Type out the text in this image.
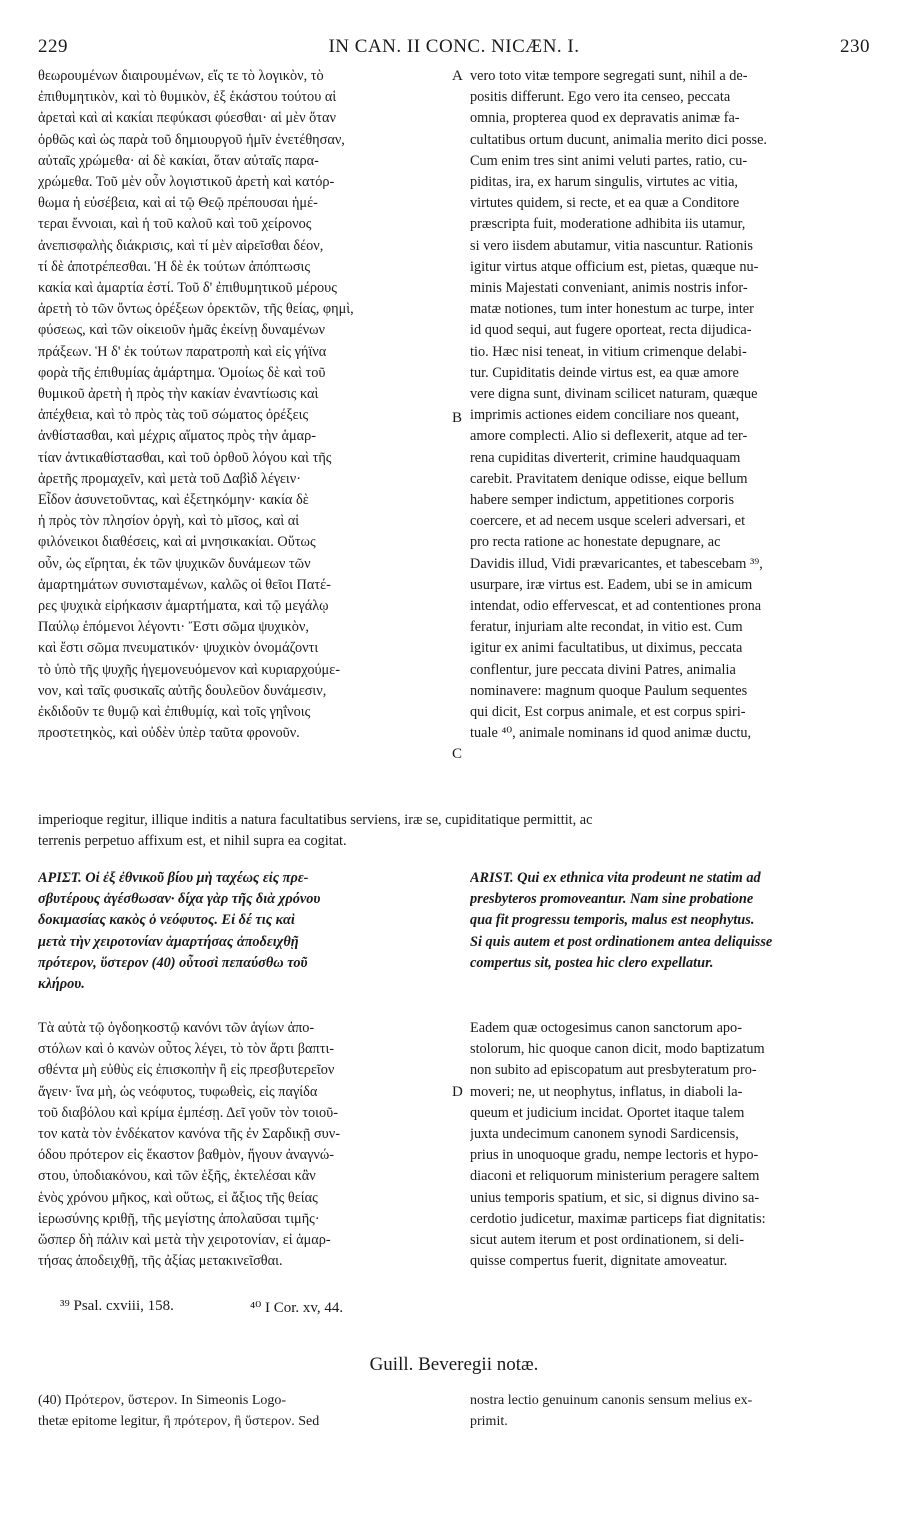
229	IN CAN. II CONC. NICÆN. I.	230
θεωρουμένων διαιρουμένων, εἴς τε τὸ λογικὸν, τὸ
ἐπιθυμητικὸν, καὶ τὸ θυμικὸν, ἐξ ἑκάστου τούτου αἱ
ἀρεταὶ καὶ αἱ κακίαι πεφύκασι φύεσθαι· αἱ μὲν ὅταν
ὀρθῶς καὶ ὡς παρὰ τοῦ δημιουργοῦ ἡμῖν ἐνετέθησαν,
αὐταῖς χρώμεθα· αἱ δὲ κακίαι, ὅταν αὐταῖς παρα-
χρώμεθα. Τοῦ μὲν οὖν λογιστικοῦ ἀρετὴ καὶ κατόρ-
θωμα ἡ εὐσέβεια, καὶ αἱ τῷ Θεῷ πρέπουσαι ἡμέ-
τεραι ἔννοιαι, καὶ ἡ τοῦ καλοῦ καὶ τοῦ χείρονος
ἀνεπισφαλὴς διάκρισις, καὶ τί μὲν αἱρεῖσθαι δέον,
τί δὲ ἀποτρέπεσθαι. Ἡ δὲ ἐκ τούτων ἀπόπτωσις
κακία καὶ ἁμαρτία ἐστί. Τοῦ δ' ἐπιθυμητικοῦ μέρους
ἀρετὴ τὸ τῶν ὄντως ὀρέξεων ὀρεκτῶν, τῆς θείας, φημὶ,
φύσεως, καὶ τῶν οἰκειοῦν ἡμᾶς ἐκείνῃ δυναμένων
πράξεων. Ἡ δ' ἐκ τούτων παρατροπὴ καὶ εἰς γήϊνα
φορὰ τῆς ἐπιθυμίας ἁμάρτημα. Ὁμοίως δὲ καὶ τοῦ
θυμικοῦ ἀρετὴ ἡ πρὸς τὴν κακίαν ἐναντίωσις καὶ
ἀπέχθεια, καὶ τὸ πρὸς τὰς τοῦ σώματος ὀρέξεις
ἀνθίστασθαι, καὶ μέχρις αἵματος πρὸς τὴν ἁμαρ-
τίαν ἀντικαθίστασθαι, καὶ τοῦ ὀρθοῦ λόγου καὶ τῆς
ἀρετῆς προμαχεῖν, καὶ μετὰ τοῦ Δαβὶδ λέγειν·
Εἶδον ἀσυνετοῦντας, καὶ ἐξετηκόμην· κακία δὲ
ἡ πρὸς τὸν πλησίον ὀργὴ, καὶ τὸ μῖσος, καὶ αἱ
φιλόνεικοι διαθέσεις, καὶ αἱ μνησικακίαι. Οὕτως
οὖν, ὡς εἴρηται, ἐκ τῶν ψυχικῶν δυνάμεων τῶν
ἁμαρτημάτων συνισταμένων, καλῶς οἱ θεῖοι Πατέ-
ρες ψυχικὰ εἰρήκασιν ἁμαρτήματα, καὶ τῷ μεγάλῳ
Παύλῳ ἑπόμενοι λέγοντι· Ἔστι σῶμα ψυχικὸν,
καὶ ἔστι σῶμα πνευματικόν· ψυχικὸν ὀνομάζοντι
τὸ ὑπὸ τῆς ψυχῆς ἡγεμονευόμενον καὶ κυριαρχούμε-
νον, καὶ ταῖς φυσικαῖς αὐτῆς δουλεῦον δυνάμεσιν,
ἐκδιδοῦν τε θυμῷ καὶ ἐπιθυμίᾳ, καὶ τοῖς γηΐνοις
προστετηκὸς, καὶ οὐδὲν ὑπὲρ ταῦτα φρονοῦν.
vero toto vitæ tempore segregati sunt, nihil a de-
positis differunt. Ego vero ita censeo, peccata
omnia, propterea quod ex depravatis animæ fa-
cultatibus ortum ducunt, animalia merito dici posse.
Cum enim tres sint animi veluti partes, ratio, cu-
piditas, ira, ex harum singulis, virtutes ac vitia,
virtutes quidem, si recte, et ea quæ a Conditore
præscripta fuit, moderatione adhibita iis utamur,
si vero iisdem abutamur, vitia nascuntur. Rationis
igitur virtus atque officium est, pietas, quæque nu-
minis Majestati conveniant, animis nostris infor-
matæ notiones, tum inter honestum ac turpe, inter
id quod sequi, aut fugere oporteat, recta dijudica-
tio. Hæc nisi teneat, in vitium crimenque delabi-
tur. Cupiditatis deinde virtus est, ea quæ amore
vere digna sunt, divinam scilicet naturam, quæque
imprimis actiones eidem conciliare nos queant,
amore complecti. Alio si deflexerit, atque ad ter-
rena cupiditas diverterit, crimine haudquaquam
carebit. Pravitatem denique odisse, eique bellum
habere semper indictum, appetitiones corporis
coercere, et ad necem usque sceleri adversari, et
pro recta ratione ac honestate depugnare, ac
Davidis illud, Vidi prævaricantes, et tabescebam ³⁹,
usurpare, iræ virtus est. Eadem, ubi se in amicum
intendat, odio effervescat, et ad contentiones prona
feratur, injuriam alte recondat, in vitio est. Cum
igitur ex animi facultatibus, ut diximus, peccata
conflentur, jure peccata divini Patres, animalia
nominavere: magnum quoque Paulum sequentes
qui dicit, Est corpus animale, et est corpus spiri-
tuale ⁴⁰, animale nominans id quod animæ ductu,
A
B
C
D
imperioque regitur, illique inditis a natura facultatibus serviens, iræ se, cupiditatique permittit, ac
terrenis perpetuo affixum est, et nihil supra ea cogitat.
ΑΡΙΣΤ. Οἱ ἐξ ἐθνικοῦ βίου μὴ ταχέως εἰς πρε-
σβυτέρους ἀγέσθωσαν· δίχα γὰρ τῆς διὰ χρόνου
δοκιμασίας κακὸς ὁ νεόφυτος. Εἰ δέ τις καὶ
μετὰ τὴν χειροτονίαν ἁμαρτήσας ἀποδειχθῇ
πρότερον, ὕστερον (40) οὗτοσὶ πεπαύσθω τοῦ
κλήρου.
ARIST. Qui ex ethnica vita prodeunt ne statim ad
presbyteros promoveantur. Nam sine probatione
qua fit progressu temporis, malus est neophytus.
Si quis autem et post ordinationem antea deliquisse
compertus sit, postea hic clero expellatur.
Τὰ αὐτὰ τῷ ὀγδοηκοστῷ κανόνι τῶν ἁγίων ἀπο-
στόλων καὶ ὁ κανὼν οὗτος λέγει, τὸ τὸν ἄρτι βαπτι-
σθέντα μὴ εὐθὺς εἰς ἐπισκοπὴν ἢ εἰς πρεσβυτερεῖον
ἄγειν· ἵνα μὴ, ὡς νεόφυτος, τυφωθεὶς, εἰς παγίδα
τοῦ διαβόλου καὶ κρίμα ἐμπέσῃ. Δεῖ γοῦν τὸν τοιοῦ-
τον κατὰ τὸν ἑνδέκατον κανόνα τῆς ἐν Σαρδικῇ συν-
όδου πρότερον εἰς ἕκαστον βαθμὸν, ἤγουν ἀναγνώ-
στου, ὑποδιακόνου, καὶ τῶν ἑξῆς, ἐκτελέσαι κἂν
ἑνὸς χρόνου μῆκος, καὶ οὕτως, εἰ ἄξιος τῆς θείας
ἱερωσύνης κριθῇ, τῆς μεγίστης ἀπολαῦσαι τιμῆς·
ὥσπερ δὴ πάλιν καὶ μετὰ τὴν χειροτονίαν, εἰ ἁμαρ-
τήσας ἀποδειχθῇ, τῆς ἀξίας μετακινεῖσθαι.
Eadem quæ octogesimus canon sanctorum apo-
stolorum, hic quoque canon dicit, modo baptizatum
non subito ad episcopatum aut presbyteratum pro-
moveri; ne, ut neophytus, inflatus, in diaboli la-
queum et judicium incidat. Oportet itaque talem
juxta undecimum canonem synodi Sardicensis,
prius in unoquoque gradu, nempe lectoris et hypo-
diaconi et reliquorum ministerium peragere saltem
unius temporis spatium, et sic, si dignus divino sa-
cerdotio judicetur, maximæ particeps fiat dignitatis:
sicut autem iterum et post ordinationem, si deli-
quisse compertus fuerit, dignitate amoveatur.
³⁹ Psal. cxviii, 158.	⁴⁰ I Cor. xv, 44.
Guill. Beveregii notæ.
(40) Πρότερον, ὕστερον. In Simeonis Logo-
thetæ epitome legitur, ἢ πρότερον, ἢ ὕστερον. Sed
nostra lectio genuinum canonis sensum melius ex-
primit.
